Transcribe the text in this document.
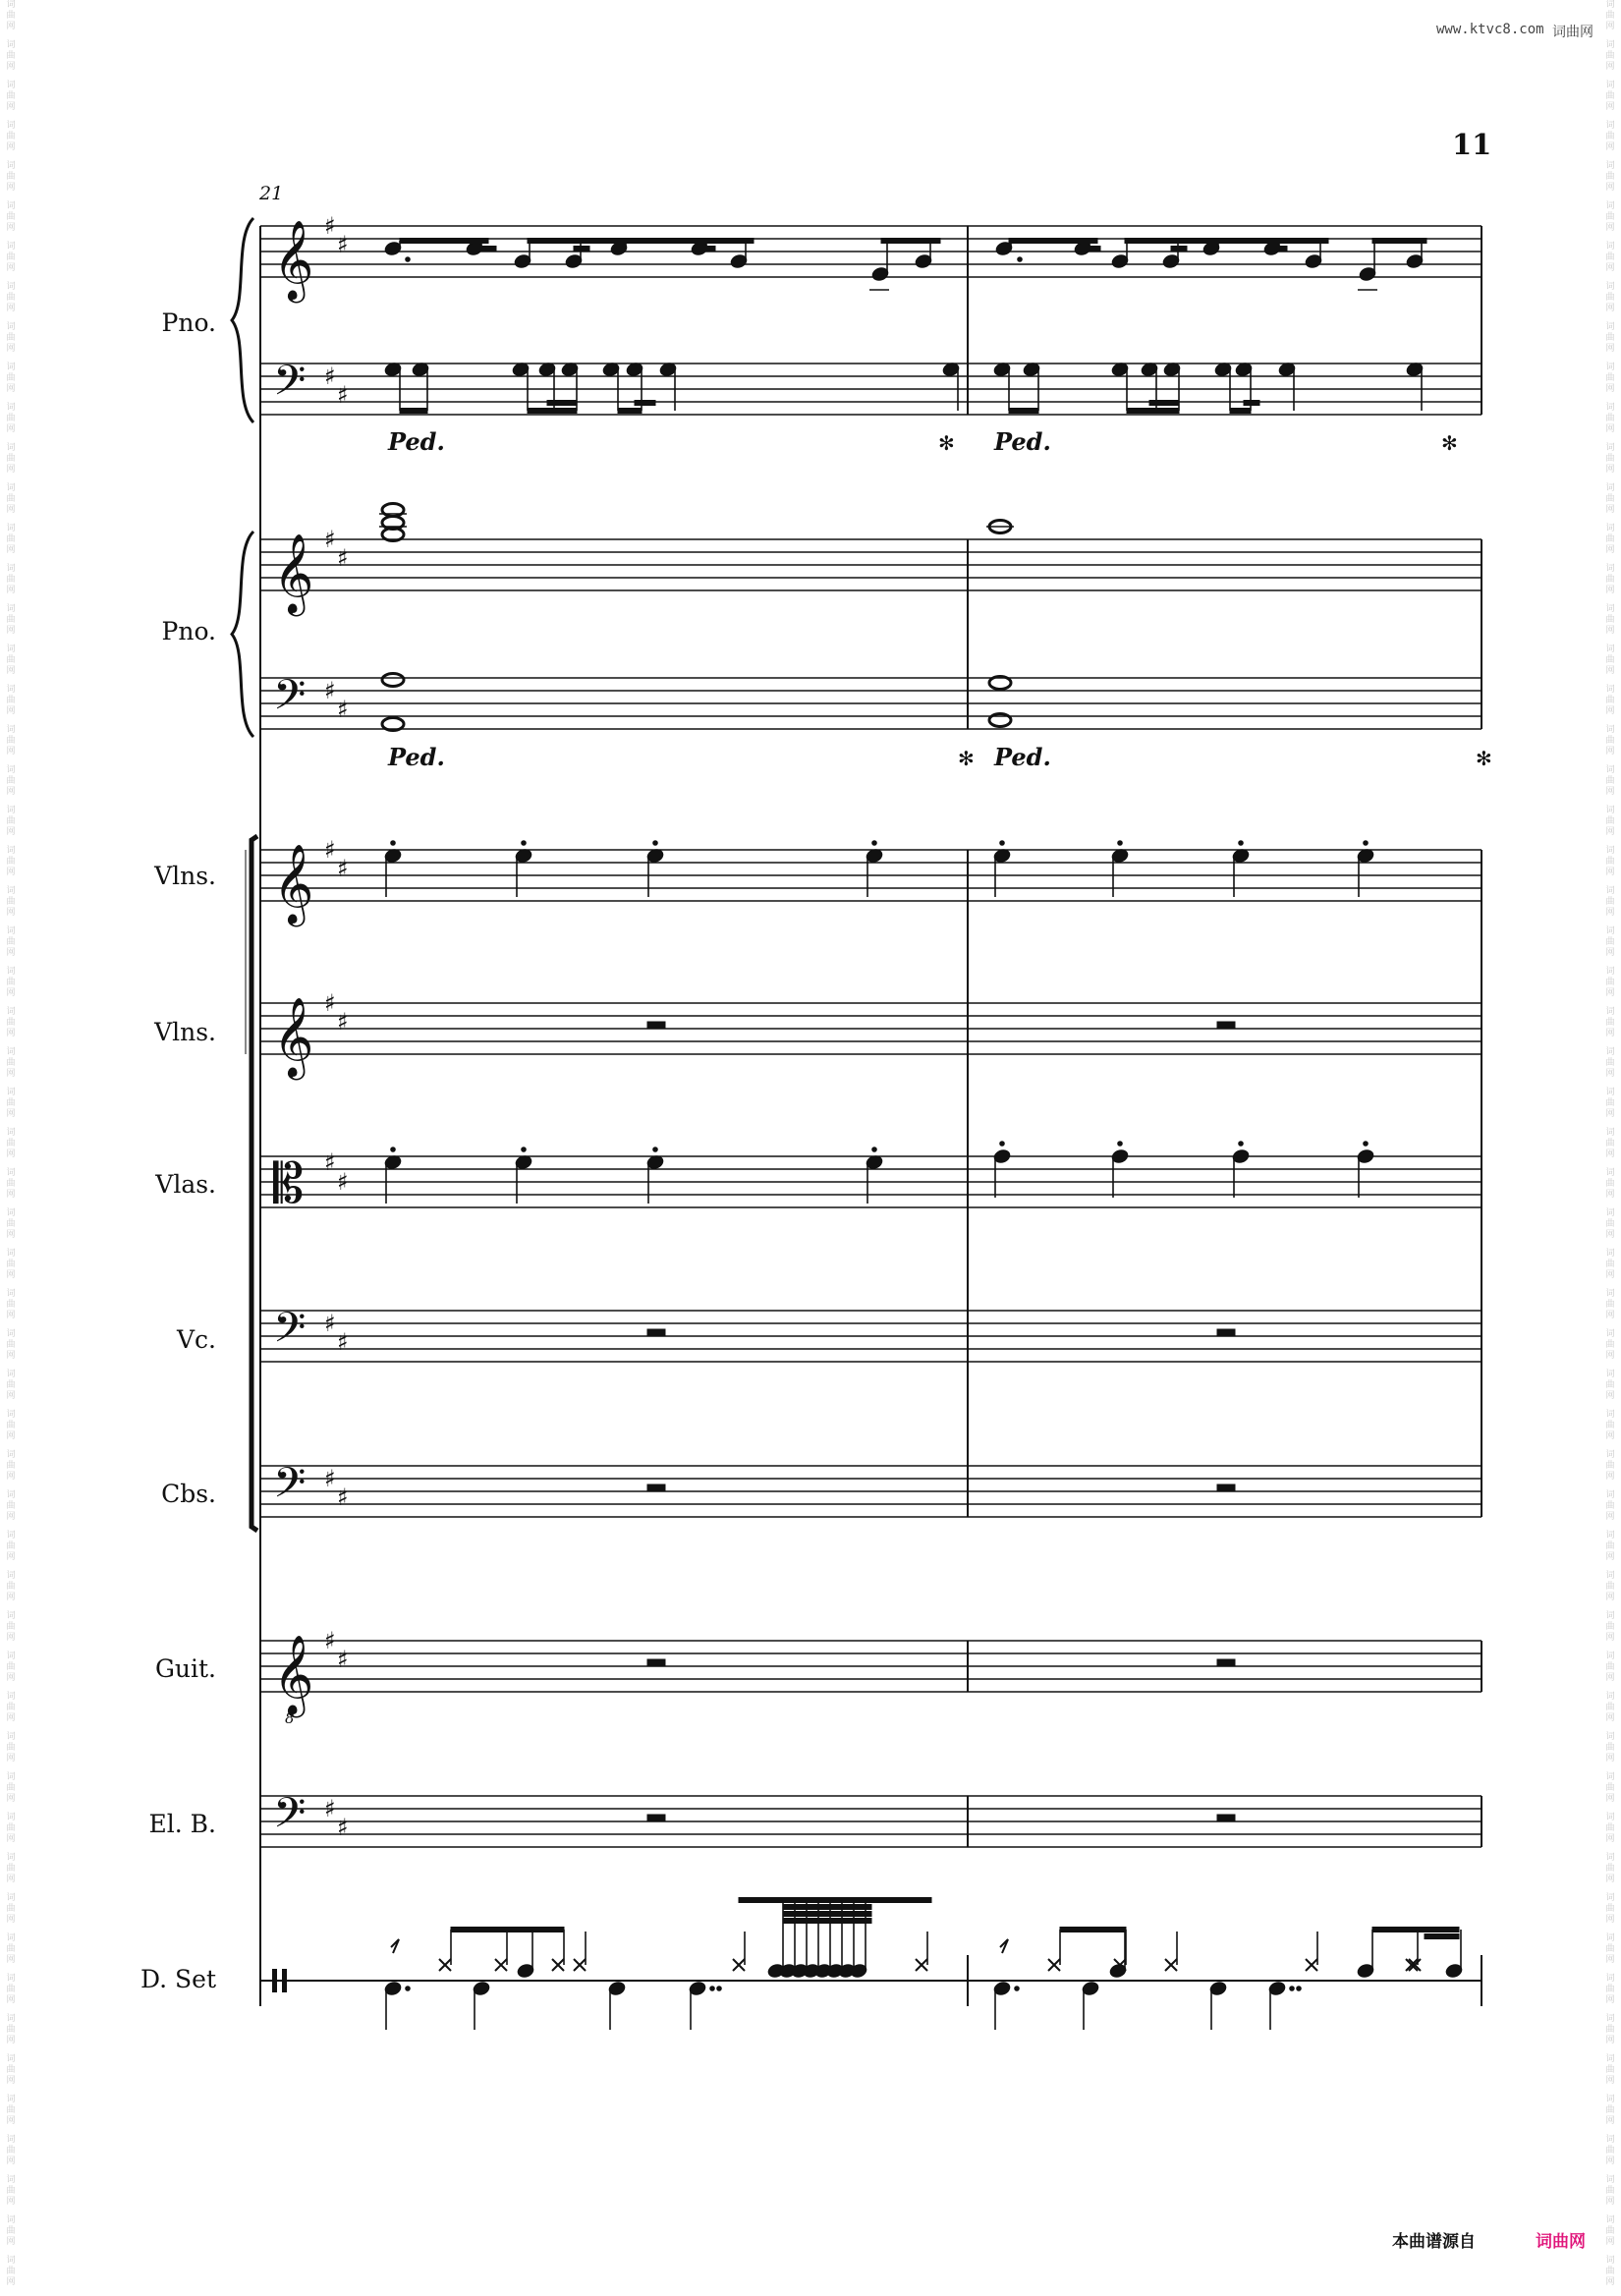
词
曲
网
词
曲
网
词
曲
网
词
曲
网
词
曲
网
词
曲
网
词
曲
网
词
曲
网
词
曲
网
词
曲
网
词
曲
网
词
曲
网
词
曲
网
词
曲
网
词
曲
网
词
曲
网
词
曲
网
词
曲
网
词
曲
网
词
曲
网
词
曲
网
词
曲
网
词
曲
网
词
曲
网
词
曲
网
词
曲
网
词
曲
网
词
曲
网
词
曲
网
词
曲
网
词
曲
网
词
曲
网
词
曲
网
词
曲
网
词
曲
网
词
曲
网
词
曲
网
词
曲
网
词
曲
网
词
曲
网
词
曲
网
词
曲
网
词
曲
网
词
曲
网
词
曲
网
词
曲
网
词
曲
网
词
曲
网
词
曲
网
词
曲
网
词
曲
网
词
曲
网
词
曲
网
词
曲
网
词
曲
网
词
曲
网
词
曲
网
词
曲
网
词
曲
网
词
曲
网
词
曲
网
词
曲
网
词
曲
网
词
曲
网
词
曲
网
词
曲
网
词
曲
网
词
曲
网
词
曲
网
词
曲
网
词
曲
网
词
曲
网
词
曲
网
词
曲
网
词
曲
网
词
曲
网
词
曲
网
词
曲
网
词
曲
网
词
曲
网
词
曲
网
词
曲
网
词
曲
网
词
曲
网
词
曲
网
词
曲
网
词
曲
网
词
曲
网
词
曲
网
词
曲
网
词
曲
网
词
曲
网
词
曲
网
词
曲
网
词
曲
网
词
曲
网
词
曲
网
词
曲
网
词
曲
网
词
曲
网
词
曲
网
词
曲
网
词
曲
网
词
曲
网
词
曲
网
词
曲
网
词
曲
网
词
曲
网
词
曲
网
词
曲
网
词
曲
网
词
曲
网
词
曲
网
词
曲
网
www.ktvc8.com 词曲网
11
21
Pno.
Pno.
Vlns.
Vlns.
Vlas.
Vc.
Cbs.
Guit.
El. B.
D. Set
𝄞
𝄢
𝄞
𝄢
𝄞
𝄞
𝄡
𝄢
𝄢
𝄞
8
𝄢
♯
♯
♯
♯
♯
♯
♯
♯
♯
♯
♯
♯
♯
♯
♯
♯
♯
♯
♯
♯
♯
♯
Ped.	✻ Ped.	✻
Ped.	✻ Ped.	✻
本曲谱源自	词曲网
